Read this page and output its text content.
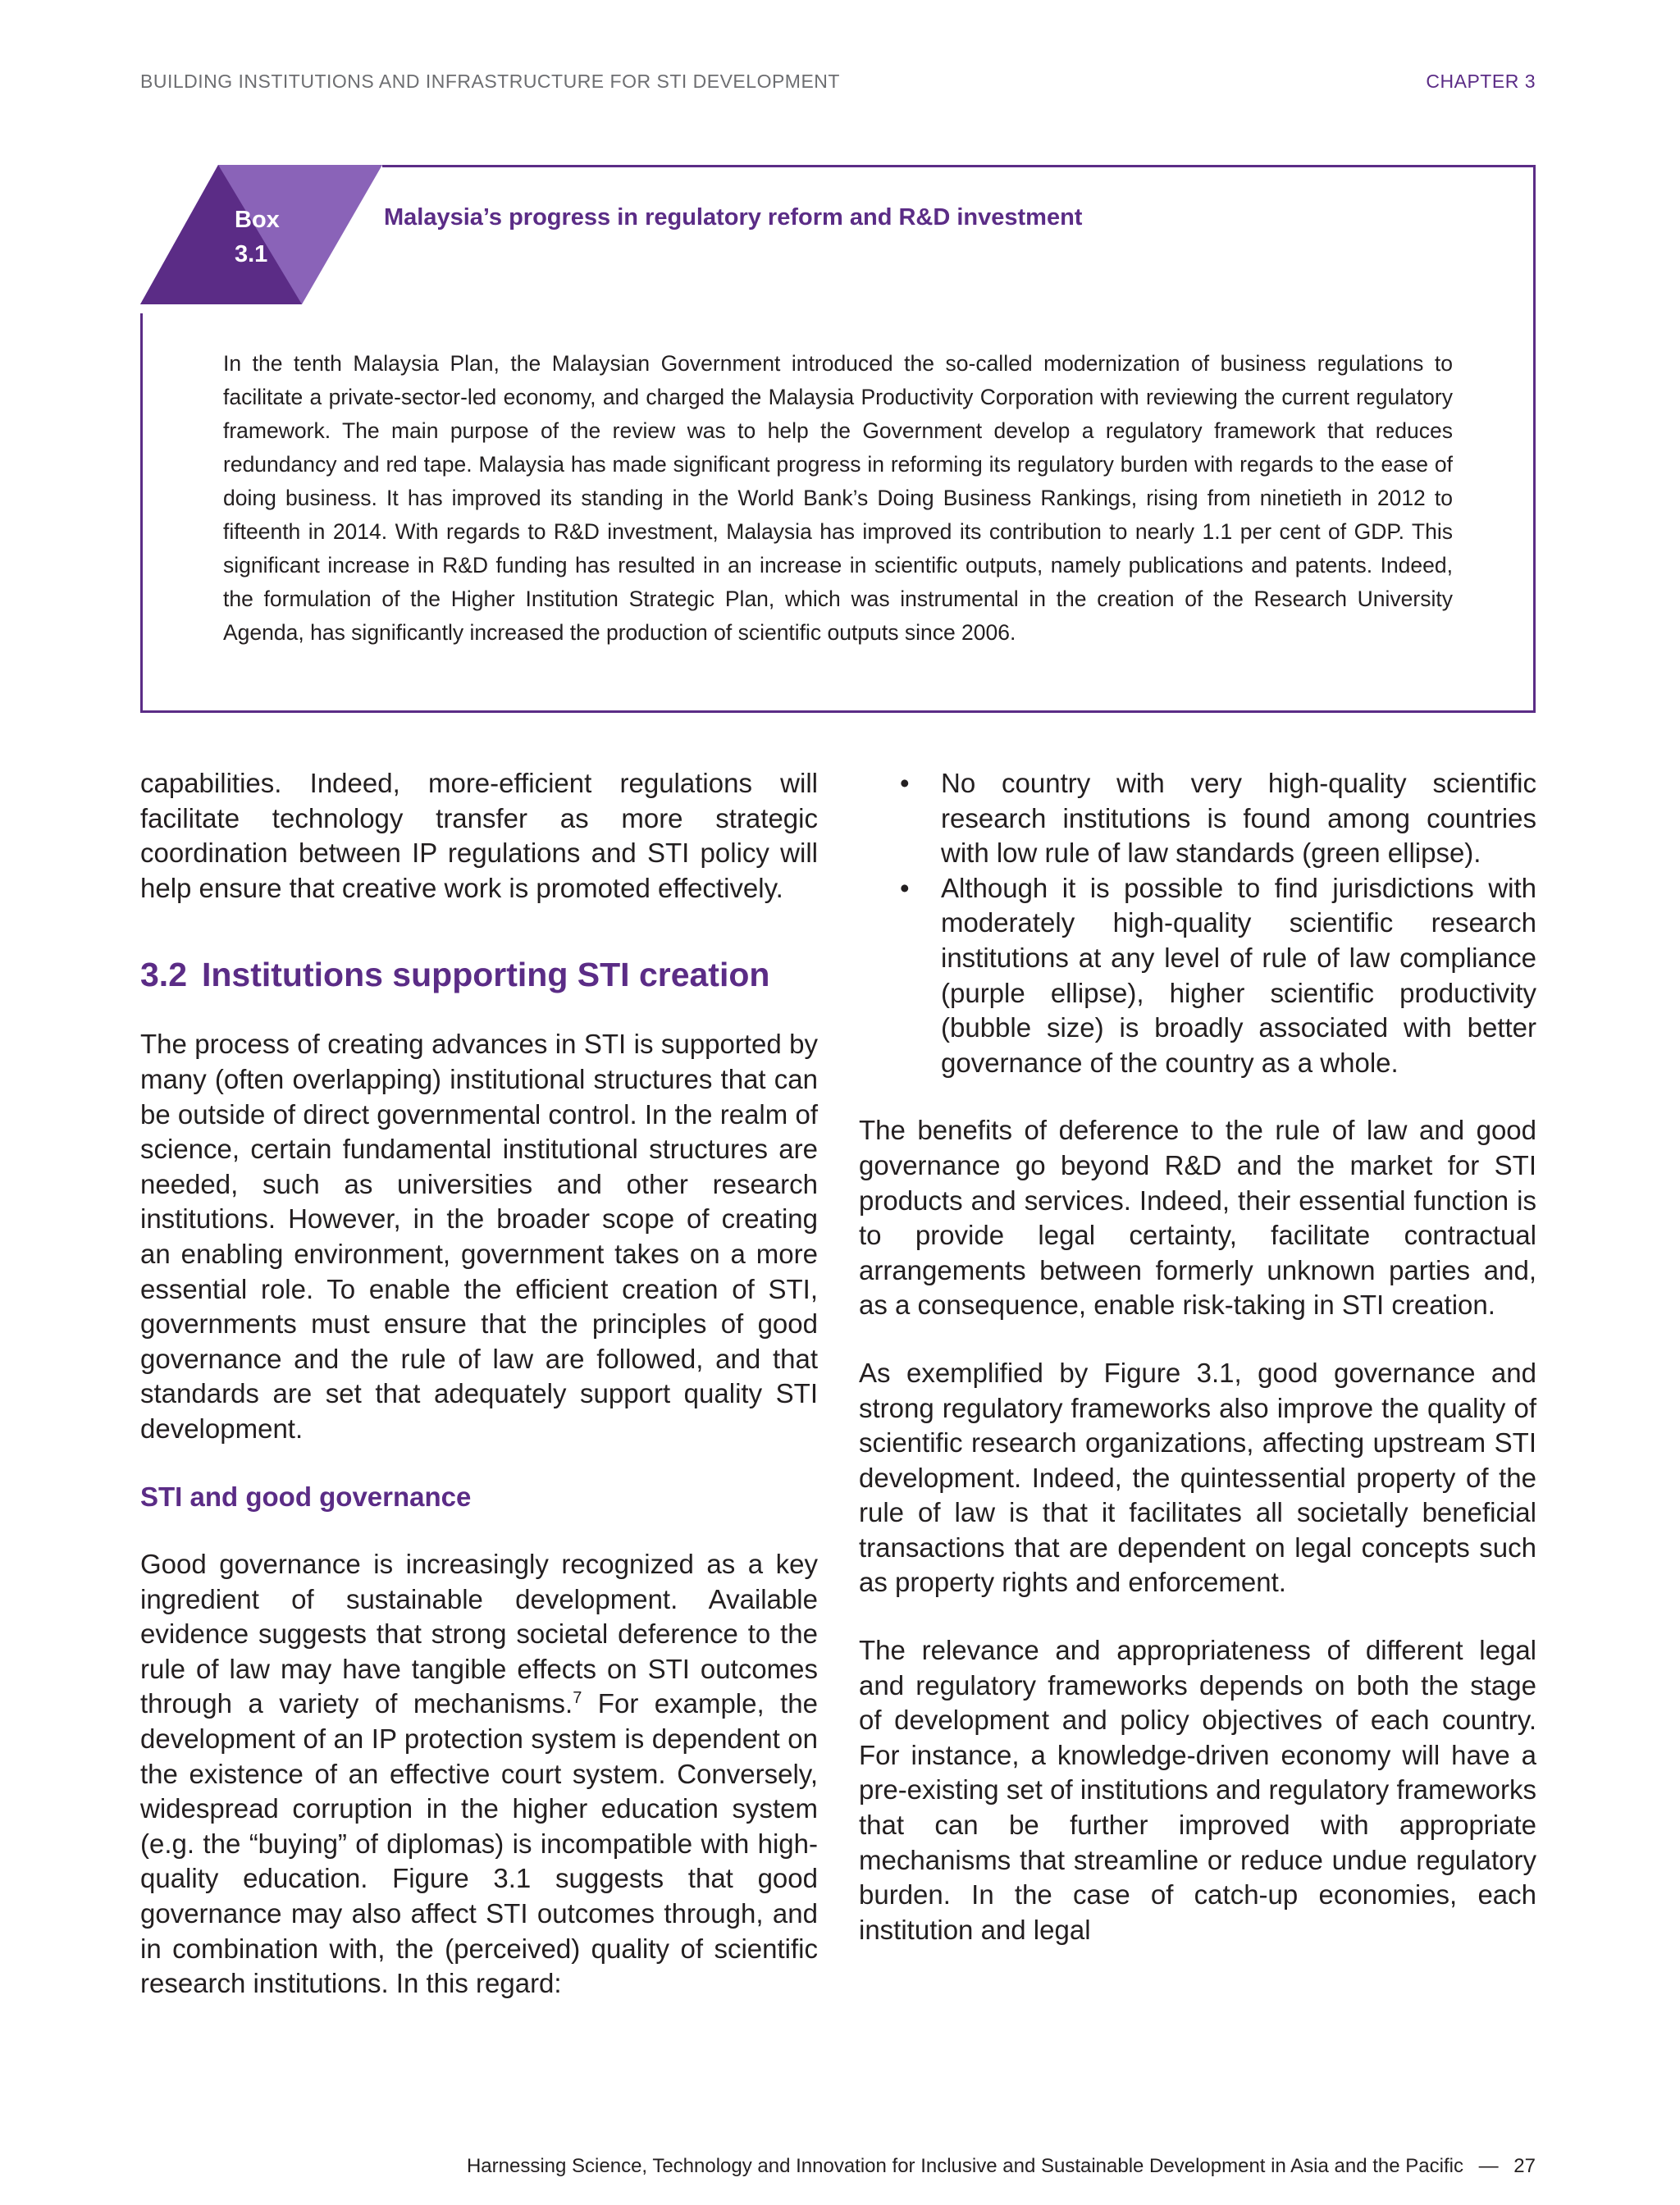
BUILDING INSTITUTIONS AND INFRASTRUCTURE FOR STI DEVELOPMENT	CHAPTER 3
Box
3.1
Malaysia’s progress in regulatory reform and R&D investment
In the tenth Malaysia Plan, the Malaysian Government introduced the so-called modernization of business regulations to facilitate a private-sector-led economy, and charged the Malaysia Productivity Corporation with reviewing the current regulatory framework. The main purpose of the review was to help the Government develop a regulatory framework that reduces redundancy and red tape. Malaysia has made significant progress in reforming its regulatory burden with regards to the ease of doing business. It has improved its standing in the World Bank’s Doing Business Rankings, rising from ninetieth in 2012 to fifteenth in 2014. With regards to R&D investment, Malaysia has improved its contribution to nearly 1.1 per cent of GDP. This significant increase in R&D funding has resulted in an increase in scientific outputs, namely publications and patents. Indeed, the formulation of the Higher Institution Strategic Plan, which was instrumental in the creation of the Research University Agenda, has significantly increased the production of scientific outputs since 2006.

capabilities. Indeed, more-efficient regulations will facilitate technology transfer as more strategic coordination between IP regulations and STI policy will help ensure that creative work is promoted effectively.

3.2 Institutions supporting STI creation

The process of creating advances in STI is supported by many (often overlapping) institutional structures that can be outside of direct governmental control. In the realm of science, certain fundamental institutional structures are needed, such as universities and other research institutions. However, in the broader scope of creating an enabling environment, government takes on a more essential role. To enable the efficient creation of STI, governments must ensure that the principles of good governance and the rule of law are followed, and that standards are set that adequately support quality STI development.

STI and good governance

Good governance is increasingly recognized as a key ingredient of sustainable development. Available evidence suggests that strong societal deference to the rule of law may have tangible effects on STI outcomes through a variety of mechanisms.$^7$ For example, the development of an IP protection system is dependent on the existence of an effective court system. Conversely, widespread corruption in the higher education system (e.g. the “buying” of diplomas) is incompatible with high-quality education. Figure 3.1 suggests that good governance may also affect STI outcomes through, and in combination with, the (perceived) quality of scientific research institutions. In this regard:

• No country with very high-quality scientific research institutions is found among countries with low rule of law standards (green ellipse).
• Although it is possible to find jurisdictions with moderately high-quality scientific research institutions at any level of rule of law compliance (purple ellipse), higher scientific productivity (bubble size) is broadly associated with better governance of the country as a whole.

The benefits of deference to the rule of law and good governance go beyond R&D and the market for STI products and services. Indeed, their essential function is to provide legal certainty, facilitate contractual arrangements between formerly unknown parties and, as a consequence, enable risk-taking in STI creation.

As exemplified by Figure 3.1, good governance and strong regulatory frameworks also improve the quality of scientific research organizations, affecting upstream STI development. Indeed, the quintessential property of the rule of law is that it facilitates all societally beneficial transactions that are dependent on legal concepts such as property rights and enforcement.

The relevance and appropriateness of different legal and regulatory frameworks depends on both the stage of development and policy objectives of each country. For instance, a knowledge-driven economy will have a pre-existing set of institutions and regulatory frameworks that can be further improved with appropriate mechanisms that streamline or reduce undue regulatory burden. In the case of catch-up economies, each institution and legal

Harnessing Science, Technology and Innovation for Inclusive and Sustainable Development in Asia and the Pacific — 27
